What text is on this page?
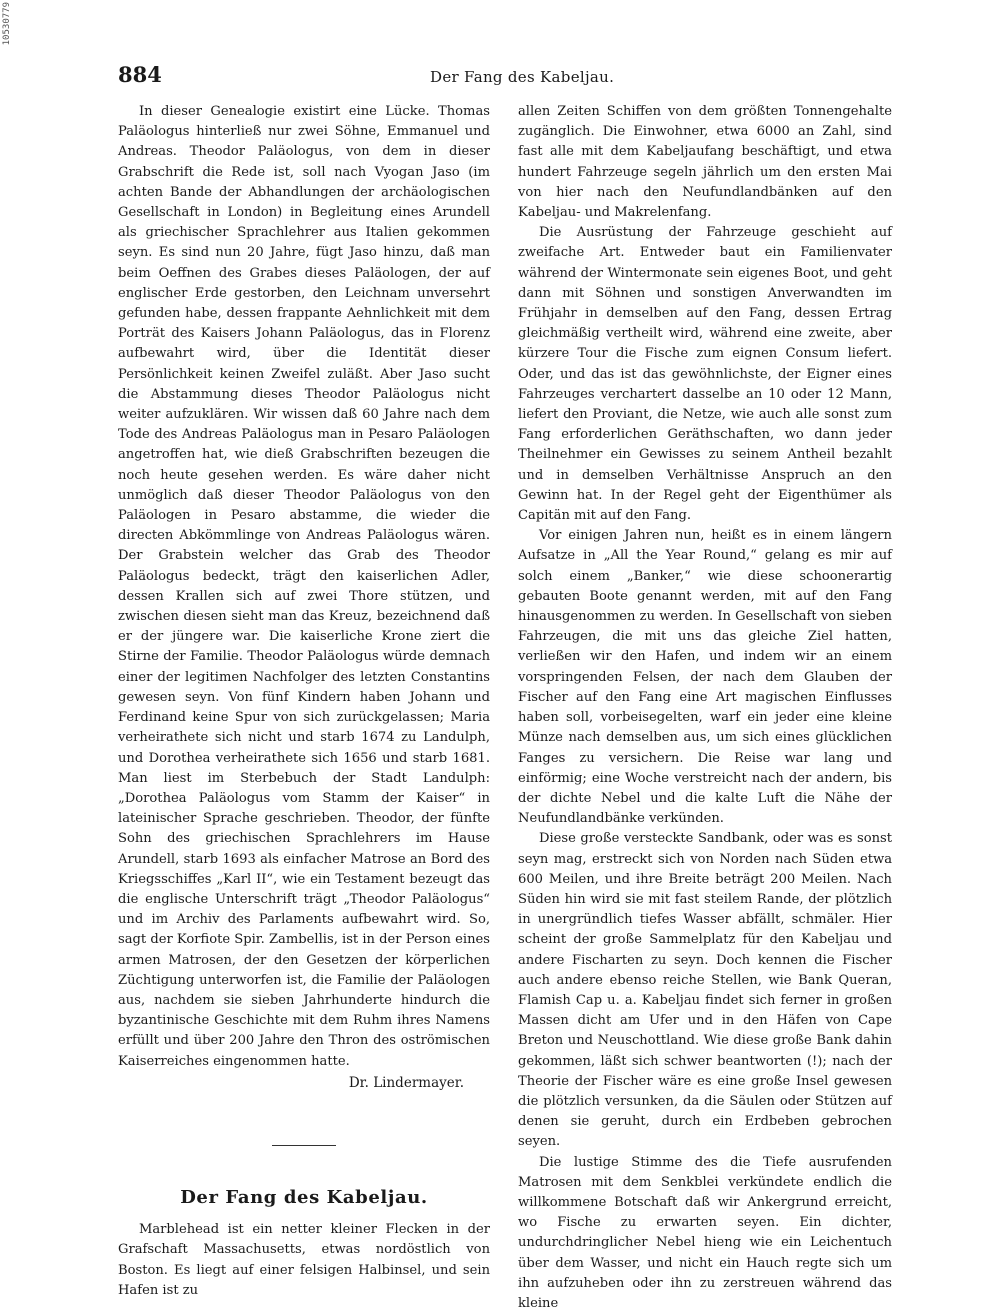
10530779
884	Der Fang des Kabeljau.

In dieser Genealogie existirt eine Lücke. Thomas Paläologus hinterließ nur zwei Söhne, Emmanuel und Andreas. Theodor Paläologus, von dem in dieser Grabschrift die Rede ist, soll nach Vyogan Jaso (im achten Bande der Abhandlungen der archäologischen Gesellschaft in London) in Begleitung eines Arundell als griechischer Sprachlehrer aus Italien gekommen seyn. Es sind nun 20 Jahre, fügt Jaso hinzu, daß man beim Oeffnen des Grabes dieses Paläologen, der auf englischer Erde gestorben, den Leichnam unversehrt gefunden habe, dessen frappante Aehnlichkeit mit dem Porträt des Kaisers Johann Paläologus, das in Florenz aufbewahrt wird, über die Identität dieser Persönlichkeit keinen Zweifel zuläßt. Aber Jaso sucht die Abstammung dieses Theodor Paläologus nicht weiter aufzuklären. Wir wissen daß 60 Jahre nach dem Tode des Andreas Paläologus man in Pesaro Paläologen angetroffen hat, wie dieß Grabschriften bezeugen die noch heute gesehen werden. Es wäre daher nicht unmöglich daß dieser Theodor Paläologus von den Paläologen in Pesaro abstamme, die wieder die directen Abkömmlinge von Andreas Paläologus wären. Der Grabstein welcher das Grab des Theodor Paläologus bedeckt, trägt den kaiserlichen Adler, dessen Krallen sich auf zwei Thore stützen, und zwischen diesen sieht man das Kreuz, bezeichnend daß er der jüngere war. Die kaiserliche Krone ziert die Stirne der Familie. Theodor Paläologus würde demnach einer der legitimen Nachfolger des letzten Constantins gewesen seyn. Von fünf Kindern haben Johann und Ferdinand keine Spur von sich zurückgelassen; Maria verheirathete sich nicht und starb 1674 zu Landulph, und Dorothea verheirathete sich 1656 und starb 1681. Man liest im Sterbebuch der Stadt Landulph: „Dorothea Paläologus vom Stamm der Kaiser“ in lateinischer Sprache geschrieben. Theodor, der fünfte Sohn des griechischen Sprachlehrers im Hause Arundell, starb 1693 als einfacher Matrose an Bord des Kriegsschiffes „Karl II“, wie ein Testament bezeugt das die englische Unterschrift trägt „Theodor Paläologus“ und im Archiv des Parlaments aufbewahrt wird. So, sagt der Korfiote Spir. Zambellis, ist in der Person eines armen Matrosen, der den Gesetzen der körperlichen Züchtigung unterworfen ist, die Familie der Paläologen aus, nachdem sie sieben Jahrhunderte hindurch die byzantinische Geschichte mit dem Ruhm ihres Namens erfüllt und über 200 Jahre den Thron des oströmischen Kaiserreiches eingenommen hatte.

Dr. Lindermayer.
Der Fang des Kabeljau.

Marblehead ist ein netter kleiner Flecken in der Grafschaft Massachusetts, etwas nordöstlich von Boston. Es liegt auf einer felsigen Halbinsel, und sein Hafen ist zu

allen Zeiten Schiffen von dem größten Tonnengehalte zugänglich. Die Einwohner, etwa 6000 an Zahl, sind fast alle mit dem Kabeljaufang beschäftigt, und etwa hundert Fahrzeuge segeln jährlich um den ersten Mai von hier nach den Neufundlandbänken auf den Kabeljau- und Makrelenfang.

Die Ausrüstung der Fahrzeuge geschieht auf zweifache Art. Entweder baut ein Familienvater während der Wintermonate sein eigenes Boot, und geht dann mit Söhnen und sonstigen Anverwandten im Frühjahr in demselben auf den Fang, dessen Ertrag gleichmäßig vertheilt wird, während eine zweite, aber kürzere Tour die Fische zum eignen Consum liefert. Oder, und das ist das gewöhnlichste, der Eigner eines Fahrzeuges verchartert dasselbe an 10 oder 12 Mann, liefert den Proviant, die Netze, wie auch alle sonst zum Fang erforderlichen Geräthschaften, wo dann jeder Theilnehmer ein Gewisses zu seinem Antheil bezahlt und in demselben Verhältnisse Anspruch an den Gewinn hat. In der Regel geht der Eigenthümer als Capitän mit auf den Fang.

Vor einigen Jahren nun, heißt es in einem längern Aufsatze in „All the Year Round,“ gelang es mir auf solch einem „Banker,“ wie diese schoonerartig gebauten Boote genannt werden, mit auf den Fang hinausgenommen zu werden. In Gesellschaft von sieben Fahrzeugen, die mit uns das gleiche Ziel hatten, verließen wir den Hafen, und indem wir an einem vorspringenden Felsen, der nach dem Glauben der Fischer auf den Fang eine Art magischen Einflusses haben soll, vorbeisegelten, warf ein jeder eine kleine Münze nach demselben aus, um sich eines glücklichen Fanges zu versichern. Die Reise war lang und einförmig; eine Woche verstreicht nach der andern, bis der dichte Nebel und die kalte Luft die Nähe der Neufundlandbänke verkünden.

Diese große versteckte Sandbank, oder was es sonst seyn mag, erstreckt sich von Norden nach Süden etwa 600 Meilen, und ihre Breite beträgt 200 Meilen. Nach Süden hin wird sie mit fast steilem Rande, der plötzlich in unergründlich tiefes Wasser abfällt, schmäler. Hier scheint der große Sammelplatz für den Kabeljau und andere Fischarten zu seyn. Doch kennen die Fischer auch andere ebenso reiche Stellen, wie Bank Queran, Flamish Cap u. a. Kabeljau findet sich ferner in großen Massen dicht am Ufer und in den Häfen von Cape Breton und Neuschottland. Wie diese große Bank dahin gekommen, läßt sich schwer beantworten (!); nach der Theorie der Fischer wäre es eine große Insel gewesen die plötzlich versunken, da die Säulen oder Stützen auf denen sie geruht, durch ein Erdbeben gebrochen seyen.

Die lustige Stimme des die Tiefe ausrufenden Matrosen mit dem Senkblei verkündete endlich die willkommene Botschaft daß wir Ankergrund erreicht, wo Fische zu erwarten seyen. Ein dichter, undurchdringlicher Nebel hieng wie ein Leichentuch über dem Wasser, und nicht ein Hauch regte sich um ihn aufzuheben oder ihn zu zerstreuen während das kleine
